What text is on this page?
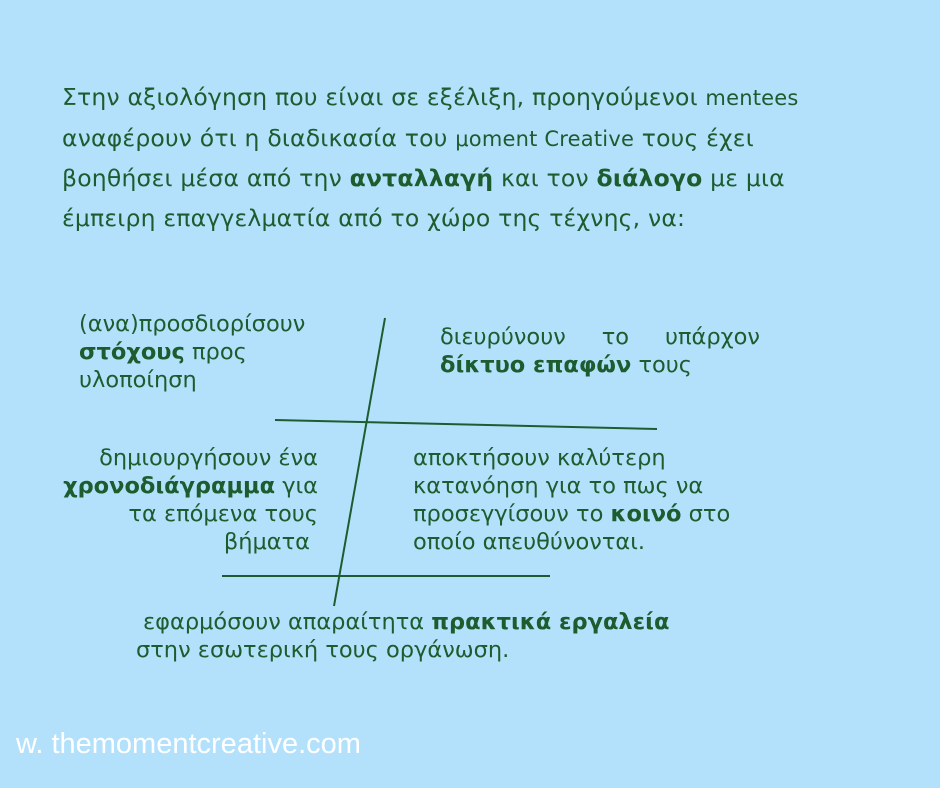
Στην αξιολόγηση που είναι σε εξέλιξη, προηγούμενοι mentees
αναφέρουν ότι η διαδικασία του μoment Creative τους έχει
βοηθήσει μέσα από την ανταλλαγή και τον διάλογο με μια
έμπειρη επαγγελματία από το χώρο της τέχνης, να:
(ανα)προσδιορίσουν
στόχους προς
υλοποίηση
διευρύνουν το υπάρχον
δίκτυο επαφών τους
δημιουργήσουν ένα
χρονοδιάγραμμα για
τα επόμενα τους
βήματα
αποκτήσουν καλύτερη
κατανόηση για το πως να
προσεγγίσουν το κοινό στο
οποίο απευθύνονται.
εφαρμόσουν απαραίτητα πρακτικά εργαλεία
στην εσωτερική τους οργάνωση.
w. themomentcreative.com
